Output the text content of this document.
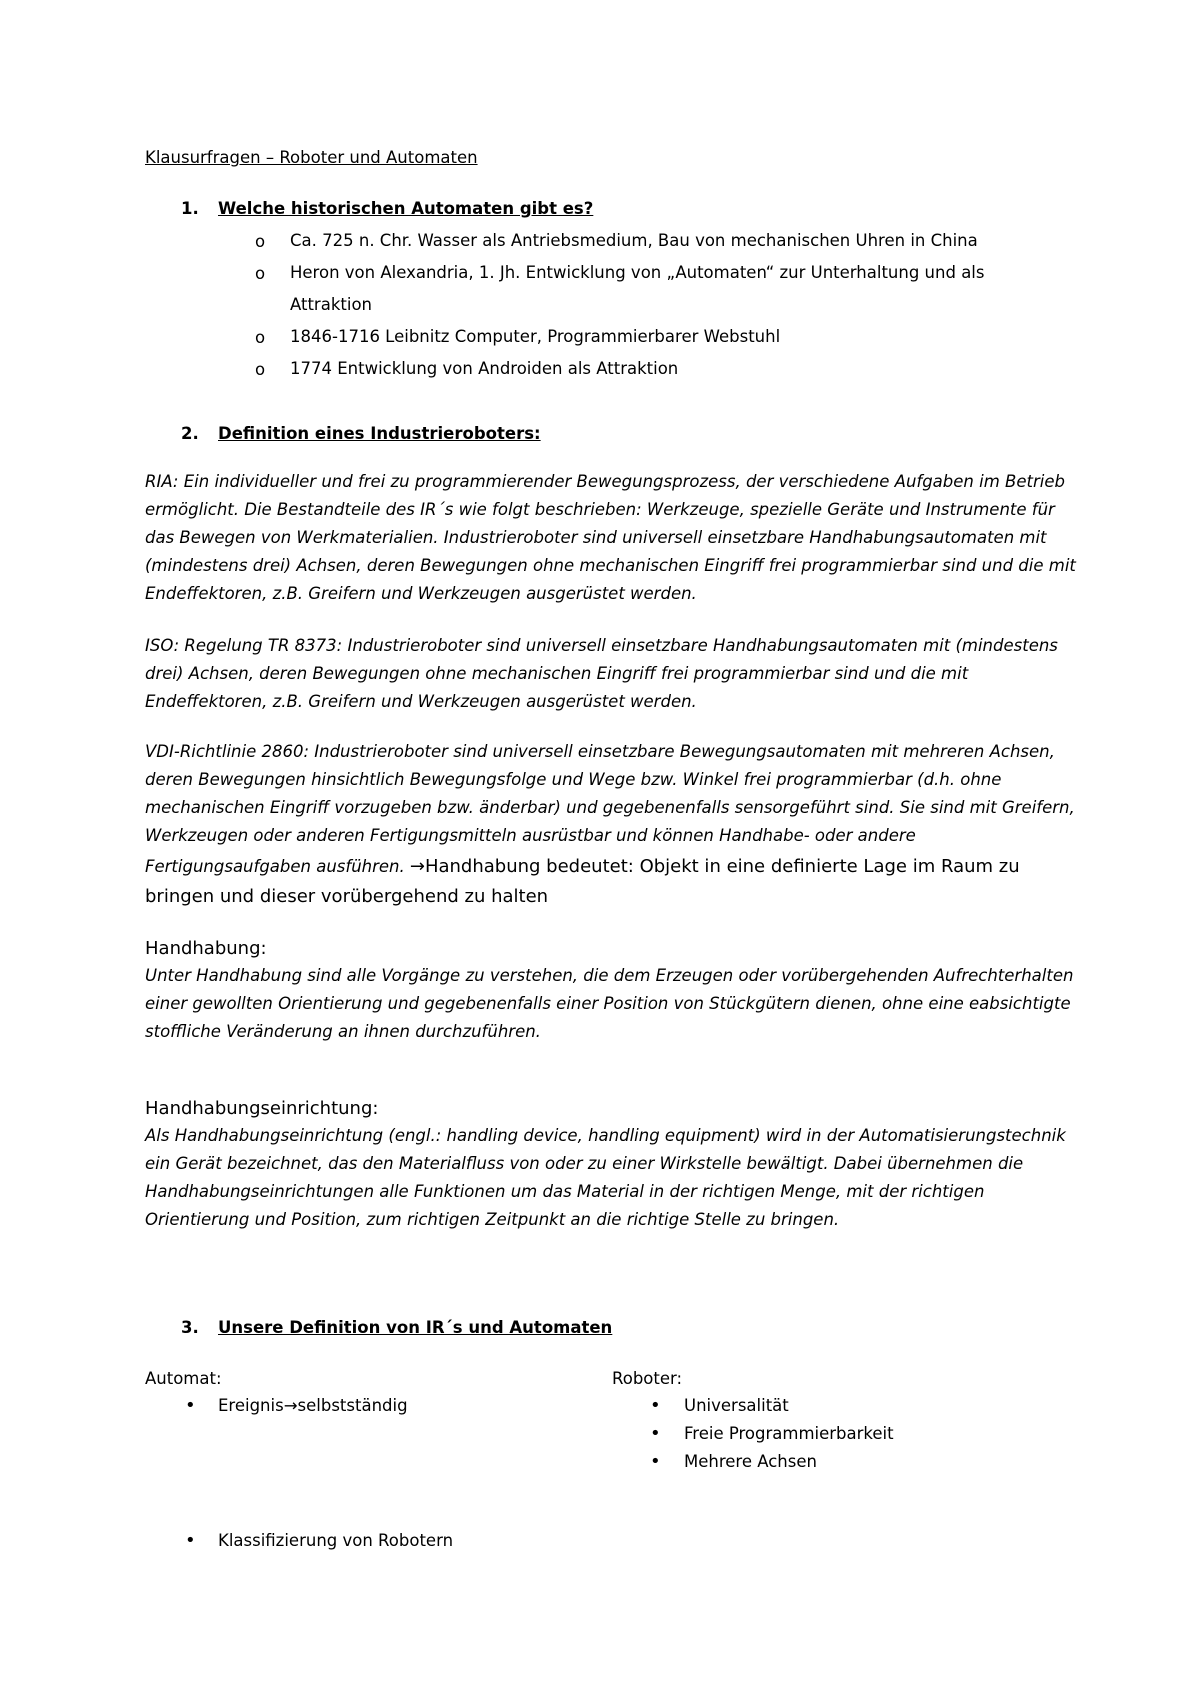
Klausurfragen – Roboter und Automaten
1. Welche historischen Automaten gibt es?
o Ca. 725 n. Chr. Wasser als Antriebsmedium, Bau von mechanischen Uhren in China
o Heron von Alexandria, 1. Jh. Entwicklung von „Automaten“ zur Unterhaltung und als
Attraktion
o 1846-1716 Leibnitz Computer, Programmierbarer Webstuhl
o 1774 Entwicklung von Androiden als Attraktion
2. Definition eines Industrieroboters:
RIA: Ein individueller und frei zu programmierender Bewegungsprozess, der verschiedene Aufgaben im Betrieb
ermöglicht. Die Bestandteile des IR´s wie folgt beschrieben: Werkzeuge, spezielle Geräte und Instrumente für
das Bewegen von Werkmaterialien. Industrieroboter sind universell einsetzbare Handhabungsautomaten mit
(mindestens drei) Achsen, deren Bewegungen ohne mechanischen Eingriff frei programmierbar sind und die mit
Endeffektoren, z.B. Greifern und Werkzeugen ausgerüstet werden.
ISO: Regelung TR 8373: Industrieroboter sind universell einsetzbare Handhabungsautomaten mit (mindestens
drei) Achsen, deren Bewegungen ohne mechanischen Eingriff frei programmierbar sind und die mit
Endeffektoren, z.B. Greifern und Werkzeugen ausgerüstet werden.
VDI-Richtlinie 2860: Industrieroboter sind universell einsetzbare Bewegungsautomaten mit mehreren Achsen,
deren Bewegungen hinsichtlich Bewegungsfolge und Wege bzw. Winkel frei programmierbar (d.h. ohne
mechanischen Eingriff vorzugeben bzw. änderbar) und gegebenenfalls sensorgeführt sind. Sie sind mit Greifern,
Werkzeugen oder anderen Fertigungsmitteln ausrüstbar und können Handhabe- oder andere
Fertigungsaufgaben ausführen. →Handhabung bedeutet: Objekt in eine definierte Lage im Raum zu
bringen und dieser vorübergehend zu halten
Handhabung:
Unter Handhabung sind alle Vorgänge zu verstehen, die dem Erzeugen oder vorübergehenden Aufrechterhalten
einer gewollten Orientierung und gegebenenfalls einer Position von Stückgütern dienen, ohne eine eabsichtigte
stoffliche Veränderung an ihnen durchzuführen.
Handhabungseinrichtung:
Als Handhabungseinrichtung (engl.: handling device, handling equipment) wird in der Automatisierungstechnik
ein Gerät bezeichnet, das den Materialfluss von oder zu einer Wirkstelle bewältigt. Dabei übernehmen die
Handhabungseinrichtungen alle Funktionen um das Material in der richtigen Menge, mit der richtigen
Orientierung und Position, zum richtigen Zeitpunkt an die richtige Stelle zu bringen.
3. Unsere Definition von IR´s und Automaten
Automat:
• Ereignis→selbstständig
Roboter:
• Universalität
• Freie Programmierbarkeit
• Mehrere Achsen
• Klassifizierung von Robotern
